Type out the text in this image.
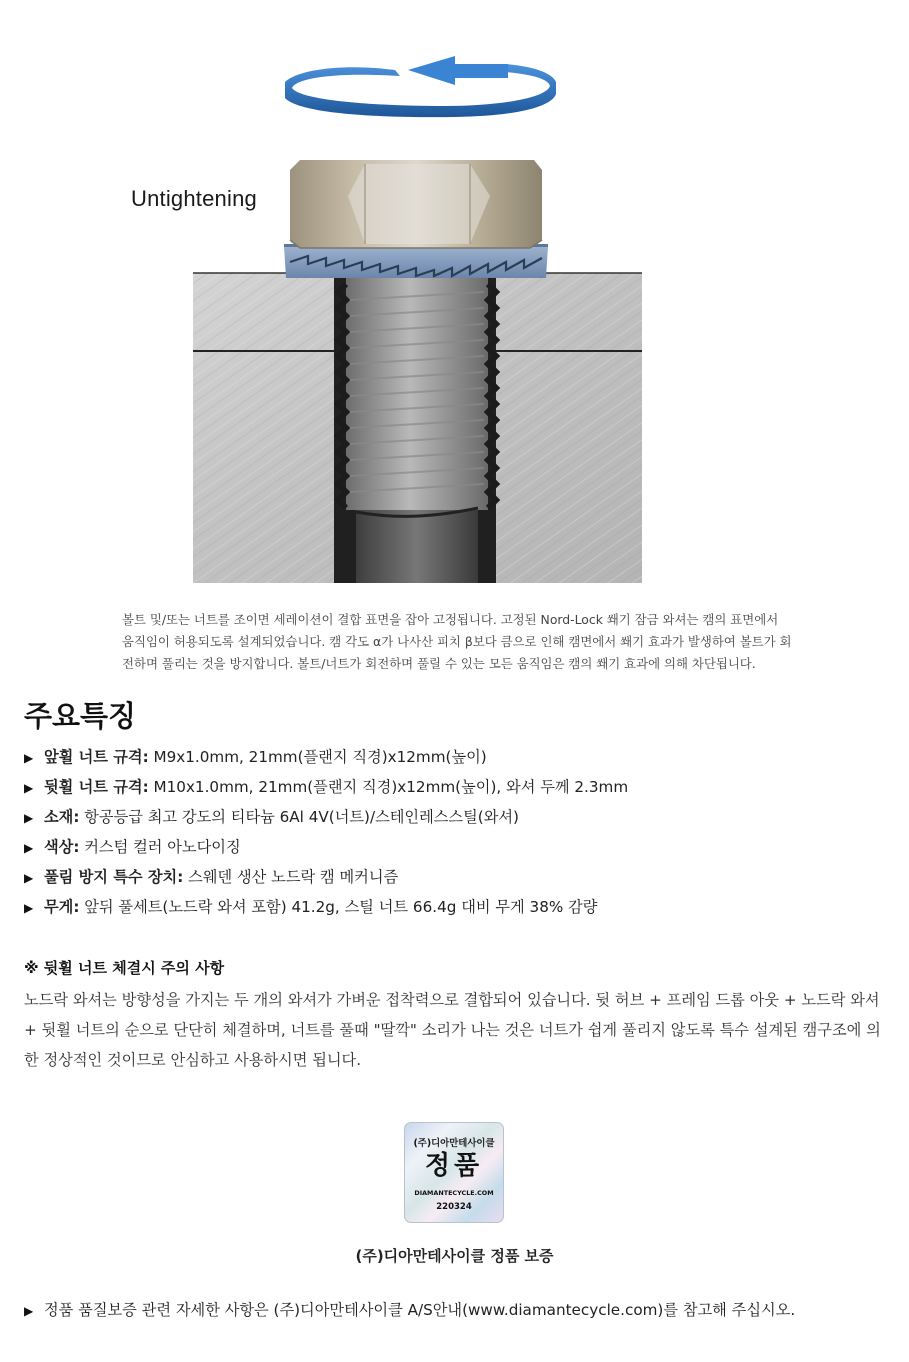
Untightening

볼트 및/또는 너트를 조이면 세레이션이 결합 표면을 잡아 고정됩니다. 고정된 Nord-Lock 쐐기 잠금 와셔는 캠의 표면에서 움직임이 허용되도록 설계되었습니다. 캠 각도 α가 나사산 피치 β보다 큼으로 인해 캠면에서 쐐기 효과가 발생하여 볼트가 회전하며 풀리는 것을 방지합니다. 볼트/너트가 회전하며 풀릴 수 있는 모든 움직임은 캠의 쐐기 효과에 의해 차단됩니다.

주요특징
▶ 앞휠 너트 규격: M9x1.0mm, 21mm(플랜지 직경)x12mm(높이)
▶ 뒷휠 너트 규격: M10x1.0mm, 21mm(플랜지 직경)x12mm(높이), 와셔 두께 2.3mm
▶ 소재: 항공등급 최고 강도의 티타늄 6Al 4V(너트)/스테인레스스틸(와셔)
▶ 색상: 커스텀 컬러 아노다이징
▶ 풀림 방지 특수 장치: 스웨덴 생산 노드락 캠 메커니즘
▶ 무게: 앞뒤 풀세트(노드락 와셔 포함) 41.2g, 스틸 너트 66.4g 대비 무게 38% 감량
※ 뒷휠 너트 체결시 주의 사항

노드락 와셔는 방향성을 가지는 두 개의 와셔가 가벼운 접착력으로 결합되어 있습니다. 뒷 허브 + 프레임 드롭 아웃 + 노드락 와셔 + 뒷휠 너트의 순으로 단단히 체결하며, 너트를 풀때 "딸깍" 소리가 나는 것은 너트가 쉽게 풀리지 않도록 특수 설계된 캠구조에 의한 정상적인 것이므로 안심하고 사용하시면 됩니다.

(주)디아만테사이클
정품
DIAMANTECYCLE.COM
220324
(주)디아만테사이클 정품 보증
▶ 정품 품질보증 관련 자세한 사항은 (주)디아만테사이클 A/S안내(www.diamantecycle.com)를 참고해 주십시오.
